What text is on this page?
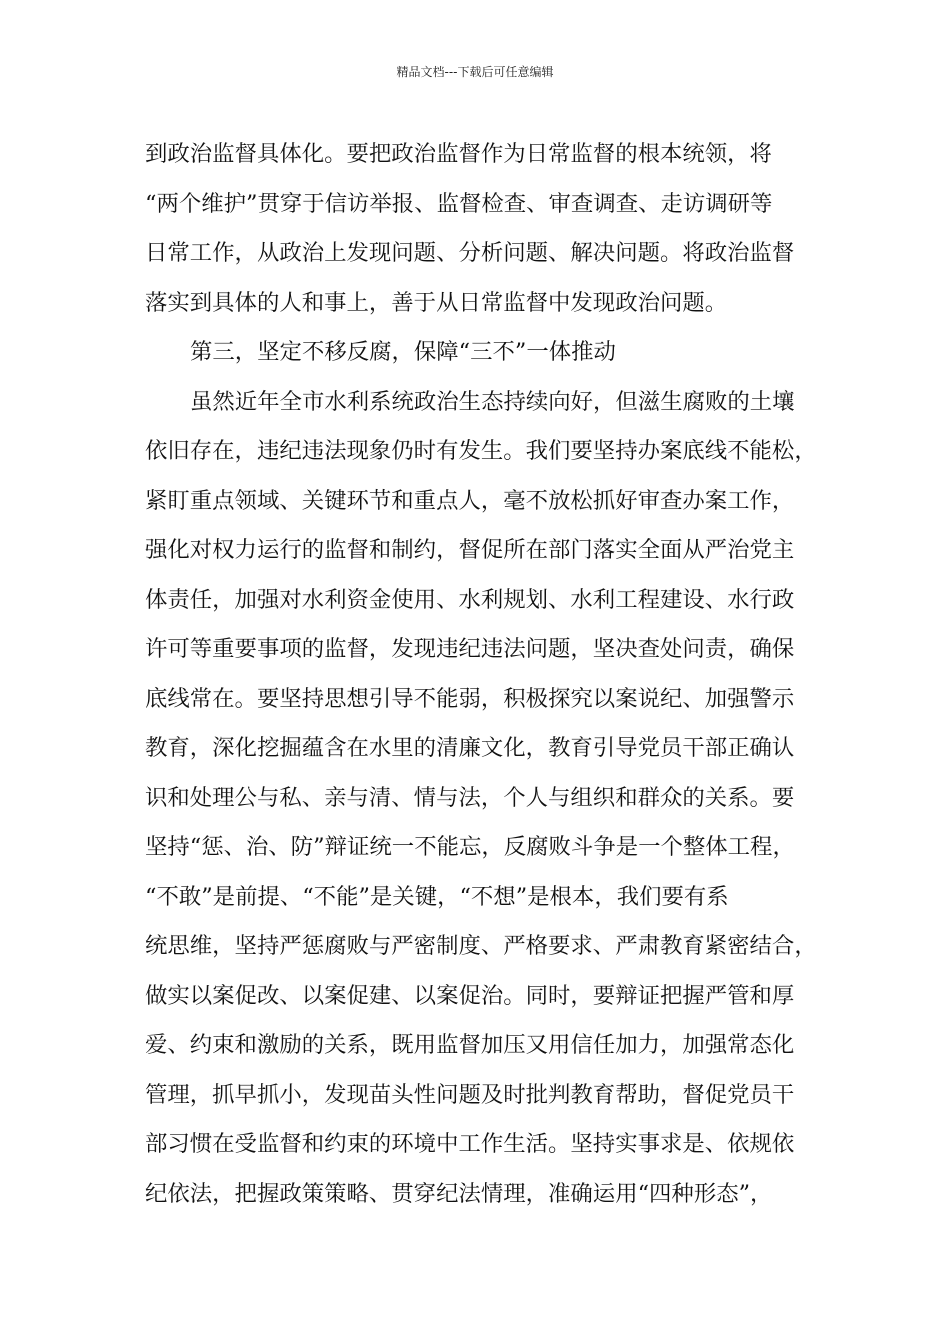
精品文档---下载后可任意编辑
到政治监督具体化。要把政治监督作为日常监督的根本统领，将
“两个维护”贯穿于信访举报、监督检查、审查调查、走访调研等
日常工作，从政治上发现问题、分析问题、解决问题。将政治监督
落实到具体的人和事上，善于从日常监督中发现政治问题。
第三，坚定不移反腐，保障“三不”一体推动
虽然近年全市水利系统政治生态持续向好，但滋生腐败的土壤
依旧存在，违纪违法现象仍时有发生。我们要坚持办案底线不能松，
紧盯重点领域、关键环节和重点人，毫不放松抓好审查办案工作，
强化对权力运行的监督和制约，督促所在部门落实全面从严治党主
体责任，加强对水利资金使用、水利规划、水利工程建设、水行政
许可等重要事项的监督，发现违纪违法问题，坚决查处问责，确保
底线常在。要坚持思想引导不能弱，积极探究以案说纪、加强警示
教育，深化挖掘蕴含在水里的清廉文化，教育引导党员干部正确认
识和处理公与私、亲与清、情与法，个人与组织和群众的关系。要
坚持“惩、治、防”辩证统一不能忘，反腐败斗争是一个整体工程，
“不敢”是前提、“不能”是关键，“不想”是根本，我们要有系
统思维，坚持严惩腐败与严密制度、严格要求、严肃教育紧密结合，
做实以案促改、以案促建、以案促治。同时，要辩证把握严管和厚
爱、约束和激励的关系，既用监督加压又用信任加力，加强常态化
管理，抓早抓小，发现苗头性问题及时批判教育帮助，督促党员干
部习惯在受监督和约束的环境中工作生活。坚持实事求是、依规依
纪依法，把握政策策略、贯穿纪法情理，准确运用“四种形态”，
